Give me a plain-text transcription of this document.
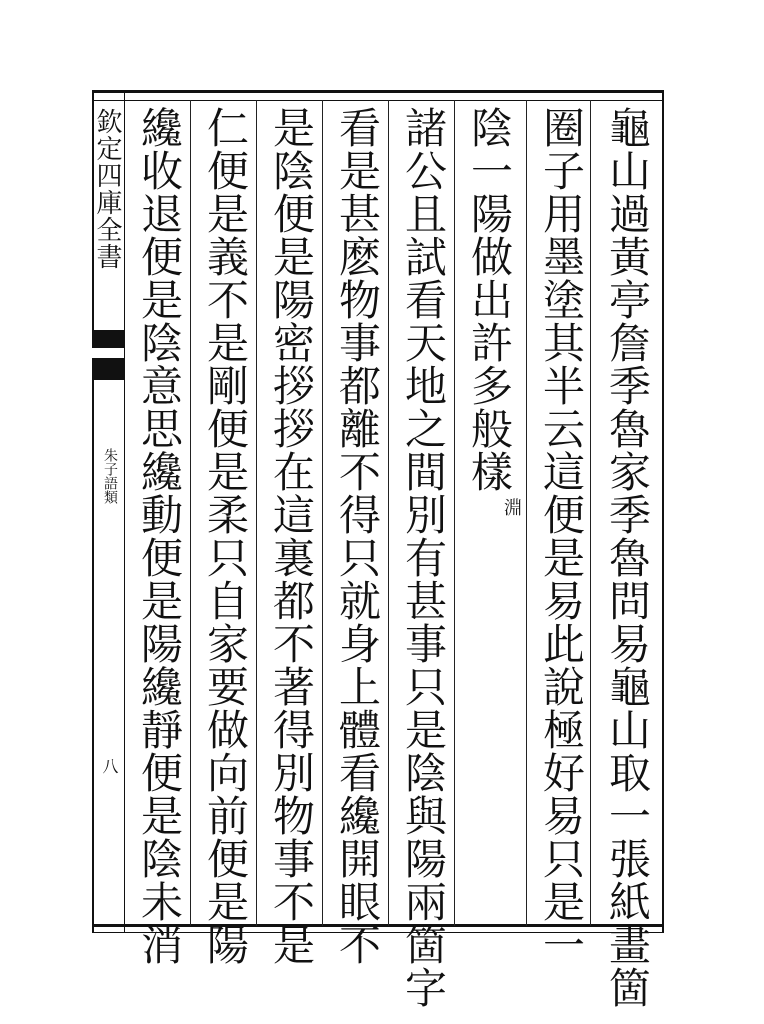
欽定四庫全書
朱子語類
八	龜山過黃亭詹季魯家季魯問易龜山取一張紙畫箇
圈子用墨塗其半云這便是易此說極好易只是一
陰一陽做出許多般樣
諸公且試看天地之間別有甚事只是陰與陽兩箇字
看是甚麽物事都離不得只就身上體看纔開眼不
是陰便是陽密拶拶在這裏都不著得別物事不是
仁便是義不是剛便是柔只自家要做向前便是陽
纔收退便是陰意思纔動便是陽纔靜便是陰未消	淵
